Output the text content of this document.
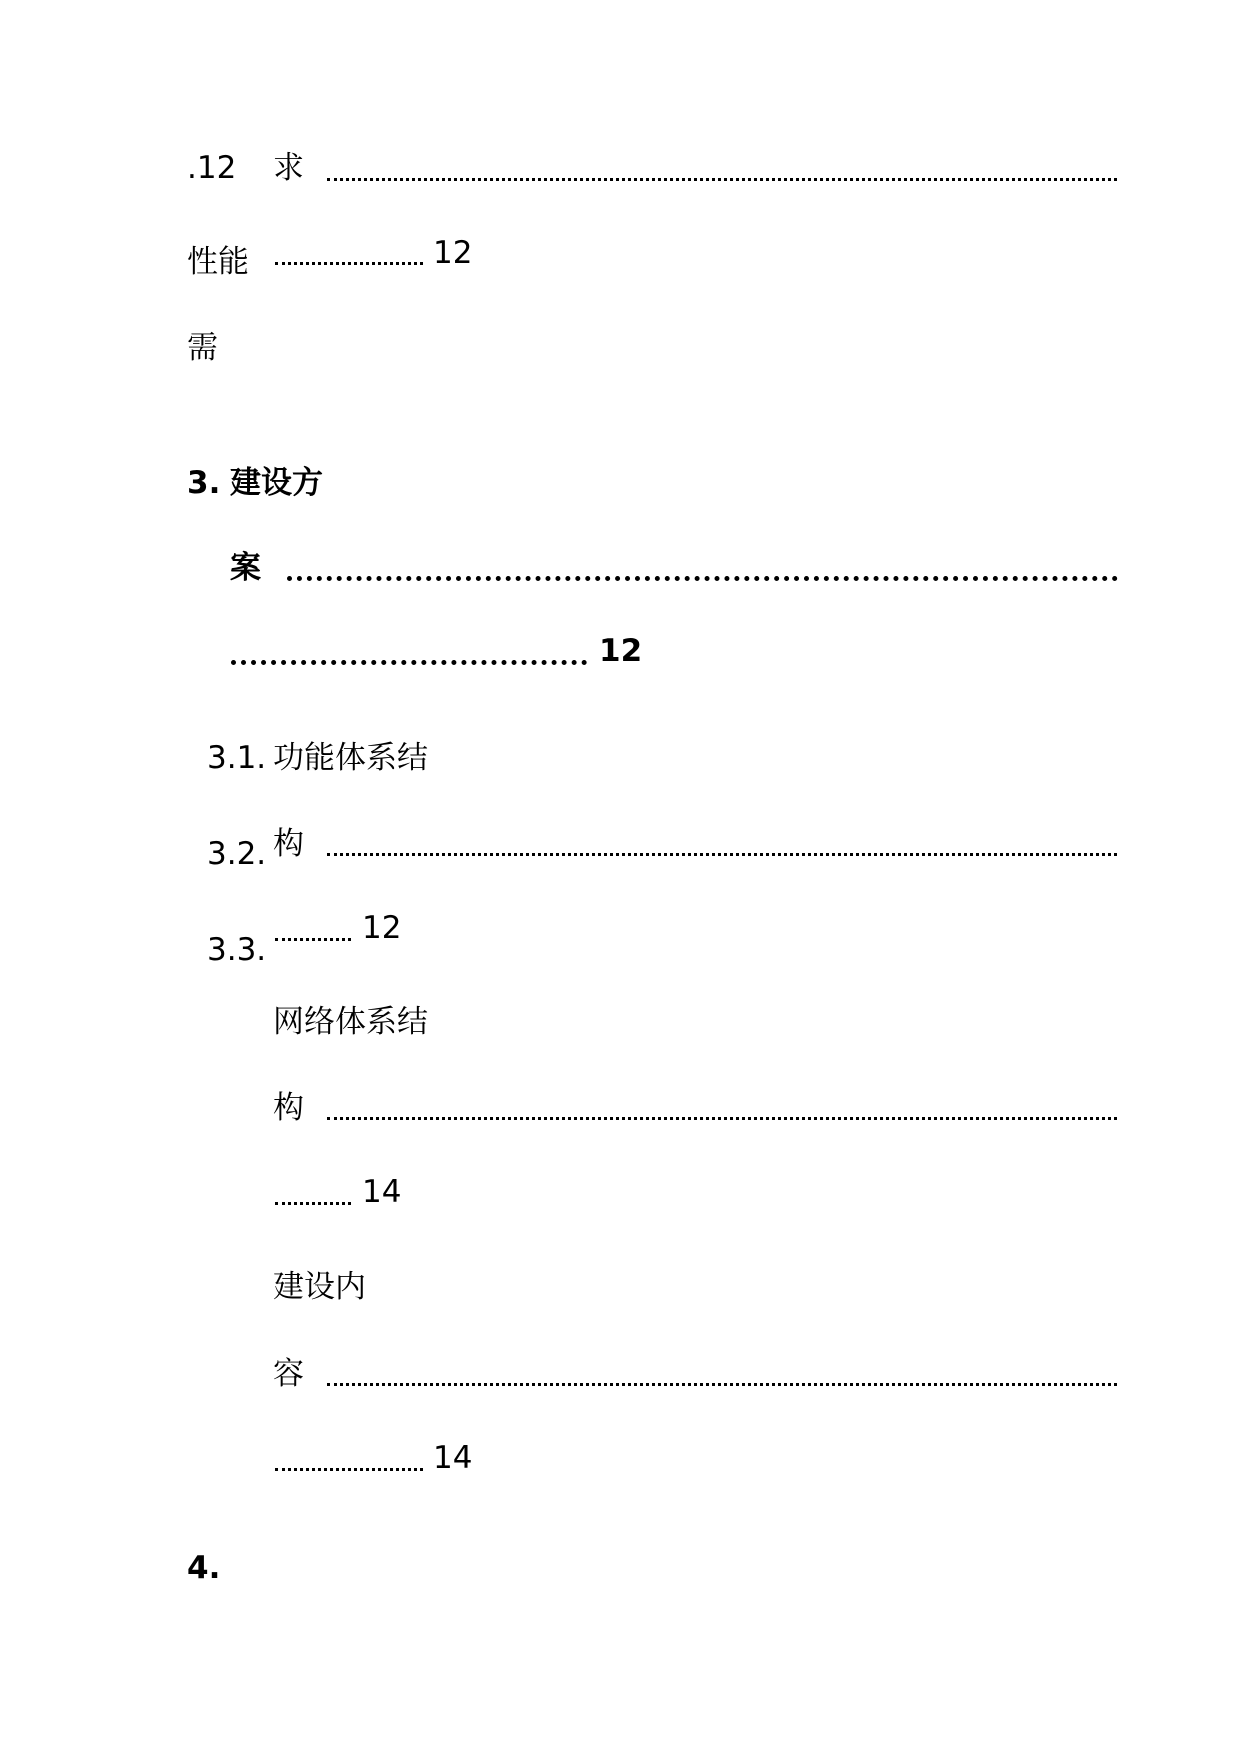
.12 求
性能	12
需
3. 建设方
案
12
3.1.
3.2.
3.3.
功能体系结
构
12
网络体系结
构
14
建设内
容
14
4.
